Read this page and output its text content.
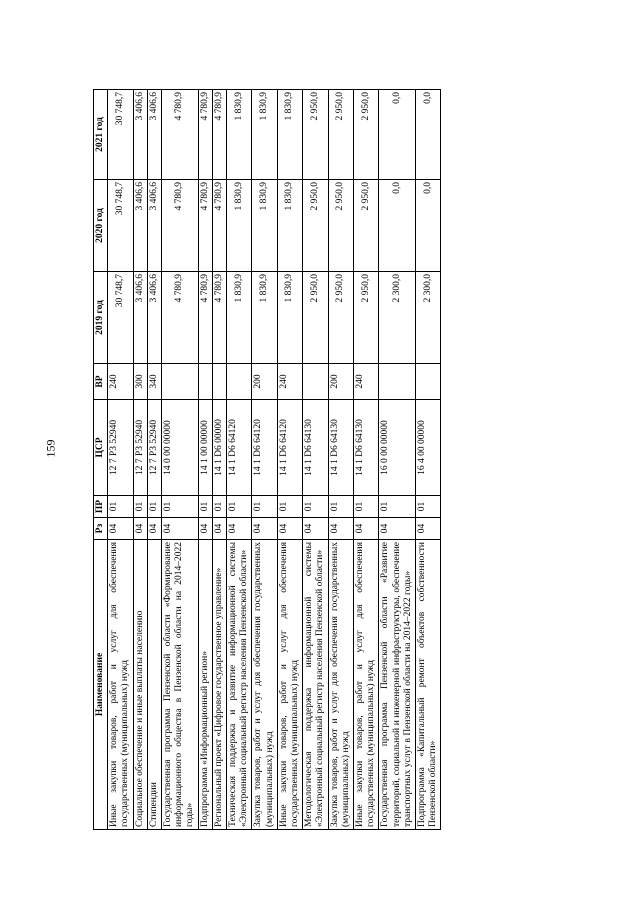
159
Наименование	Рз	ПР	ЦСР	ВР	2019 год	2020 год	2021 год
Иные закупки товаров, работ и услуг для обеспечения государственных (муниципальных) нужд	04	01	12 7 Р3 52940	240	30 748,7	30 748,7	30 748,7
Социальное обеспечение и иные выплаты населению	04	01	12 7 Р3 52940	300	3 406,6	3 406,6	3 406,6
Стипендии	04	01	12 7 Р3 52940	340	3 406,6	3 406,6	3 406,6
Государственная программа Пензенской области «Формирование информационного общества в Пензенской области на 2014–2022 годы»	04	01	14 0 00 00000		4 780,9	4 780,9	4 780,9
Подпрограмма «Информационный регион»	04	01	14 1 00 00000		4 780,9	4 780,9	4 780,9
Региональный проект «Цифровое государственное управление»	04	01	14 1 D6 00000		4 780,9	4 780,9	4 780,9
Техническая поддержка и развитие информационной системы «Электронный социальный регистр населения Пензенской области»	04	01	14 1 D6 64120		1 830,9	1 830,9	1 830,9
Закупка товаров, работ и услуг для обеспечения государственных (муниципальных) нужд	04	01	14 1 D6 64120	200	1 830,9	1 830,9	1 830,9
Иные закупки товаров, работ и услуг для обеспечения государственных (муниципальных) нужд	04	01	14 1 D6 64120	240	1 830,9	1 830,9	1 830,9
Методологическая поддержка информационной системы «Электронный социальный регистр населения Пензенской области»	04	01	14 1 D6 64130		2 950,0	2 950,0	2 950,0
Закупка товаров, работ и услуг для обеспечения государственных (муниципальных) нужд	04	01	14 1 D6 64130	200	2 950,0	2 950,0	2 950,0
Иные закупки товаров, работ и услуг для обеспечения государственных (муниципальных) нужд	04	01	14 1 D6 64130	240	2 950,0	2 950,0	2 950,0
Государственная программа Пензенской области «Развитие территорий, социальной и инженерной инфраструктуры, обеспечение транспортных услуг в Пензенской области на 2014–2022 годы»	04	01	16 0 00 00000		2 300,0	0,0	0,0
Подпрограмма «Капитальный ремонт объектов собственности Пензенской области»	04	01	16 4 00 00000		2 300,0	0,0	0,0
